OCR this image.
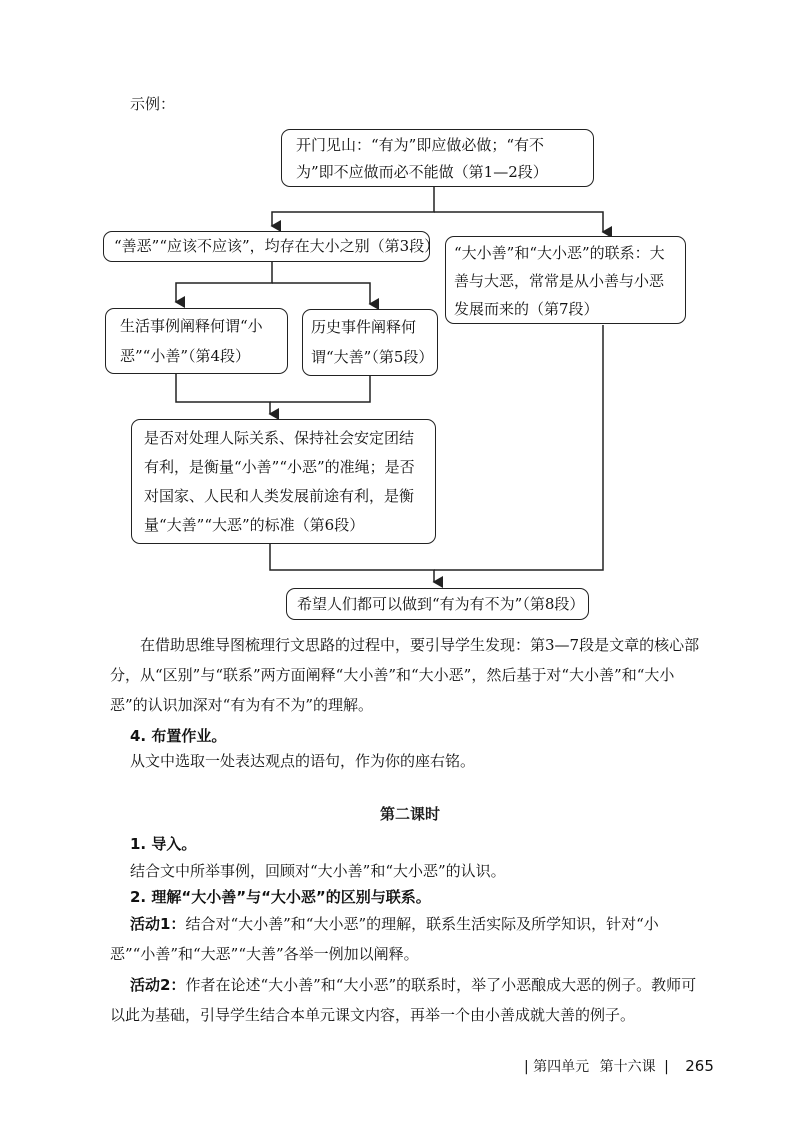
示例：
开门见山：“有为”即应做必做；“有不为”即不应做而必不能做（第1—2段）
“善恶”“应该不应该”，均存在大小之别（第3段） “大小善”和“大小恶”的联系：大善与大恶，常常是从小善与小恶发展而来的（第7段）
生活事例阐释何谓“小恶”“小善”（第4段）
历史事件阐释何谓“大善”（第5段）
是否对处理人际关系、保持社会安定团结有利，是衡量“小善”“小恶”的准绳；是否对国家、人民和人类发展前途有利，是衡量“大善”“大恶”的标准（第6段）
希望人们都可以做到“有为有不为”（第8段）
在借助思维导图梳理行文思路的过程中，要引导学生发现：第3—7段是文章的核心部分，从“区别”与“联系”两方面阐释“大小善”和“大小恶”，然后基于对“大小善”和“大小恶”的认识加深对“有为有不为”的理解。
4. 布置作业。
从文中选取一处表达观点的语句，作为你的座右铭。
第二课时
1. 导入。
结合文中所举事例，回顾对“大小善”和“大小恶”的认识。
2. 理解“大小善”与“大小恶”的区别与联系。
活动1：结合对“大小善”和“大小恶”的理解，联系生活实际及所学知识，针对“小恶”“小善”和“大恶”“大善”各举一例加以阐释。
活动2：作者在论述“大小善”和“大小恶”的联系时，举了小恶酿成大恶的例子。教师可以此为基础，引导学生结合本单元课文内容，再举一个由小善成就大善的例子。
| 第四单元 第十六课 | 265
